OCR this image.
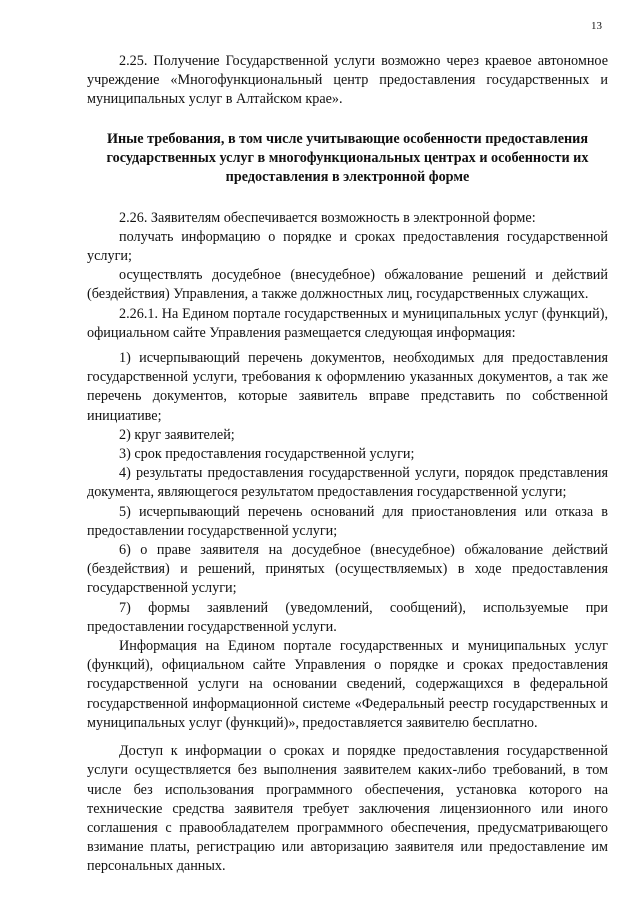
13

2.25. Получение Государственной услуги возможно через краевое автономное учреждение «Многофункциональный центр предоставления государственных и муниципальных услуг в Алтайском крае».

Иные требования, в том числе учитывающие особенности предоставления государственных услуг в многофункциональных центрах и особенности их предоставления в электронной форме

2.26. Заявителям обеспечивается возможность в электронной форме:

получать информацию о порядке и сроках предоставления государственной услуги;

осуществлять досудебное (внесудебное) обжалование решений и действий (бездействия) Управления, а также должностных лиц, государственных служащих.

2.26.1. На Едином портале государственных и муниципальных услуг (функций), официальном сайте Управления размещается следующая информация:

1) исчерпывающий перечень документов, необходимых для предоставления государственной услуги, требования к оформлению указанных документов, а так же перечень документов, которые заявитель вправе представить по собственной инициативе;

2) круг заявителей;

3) срок предоставления государственной услуги;

4) результаты предоставления государственной услуги, порядок представления документа, являющегося результатом предоставления государственной услуги;

5) исчерпывающий перечень оснований для приостановления или отказа в предоставлении государственной услуги;

6) о праве заявителя на досудебное (внесудебное) обжалование действий (бездействия) и решений, принятых (осуществляемых) в ходе предоставления государственной услуги;

7) формы заявлений (уведомлений, сообщений), используемые при предоставлении государственной услуги.

Информация на Едином портале государственных и муниципальных услуг (функций), официальном сайте Управления о порядке и сроках предоставления государственной услуги на основании сведений, содержащихся в федеральной государственной информационной системе «Федеральный реестр государственных и муниципальных услуг (функций)», предоставляется заявителю бесплатно.

Доступ к информации о сроках и порядке предоставления государственной услуги осуществляется без выполнения заявителем каких-либо требований, в том числе без использования программного обеспечения, установка которого на технические средства заявителя требует заключения лицензионного или иного соглашения с правообладателем программного обеспечения, предусматривающего взимание платы, регистрацию или авторизацию заявителя или предоставление им персональных данных.
